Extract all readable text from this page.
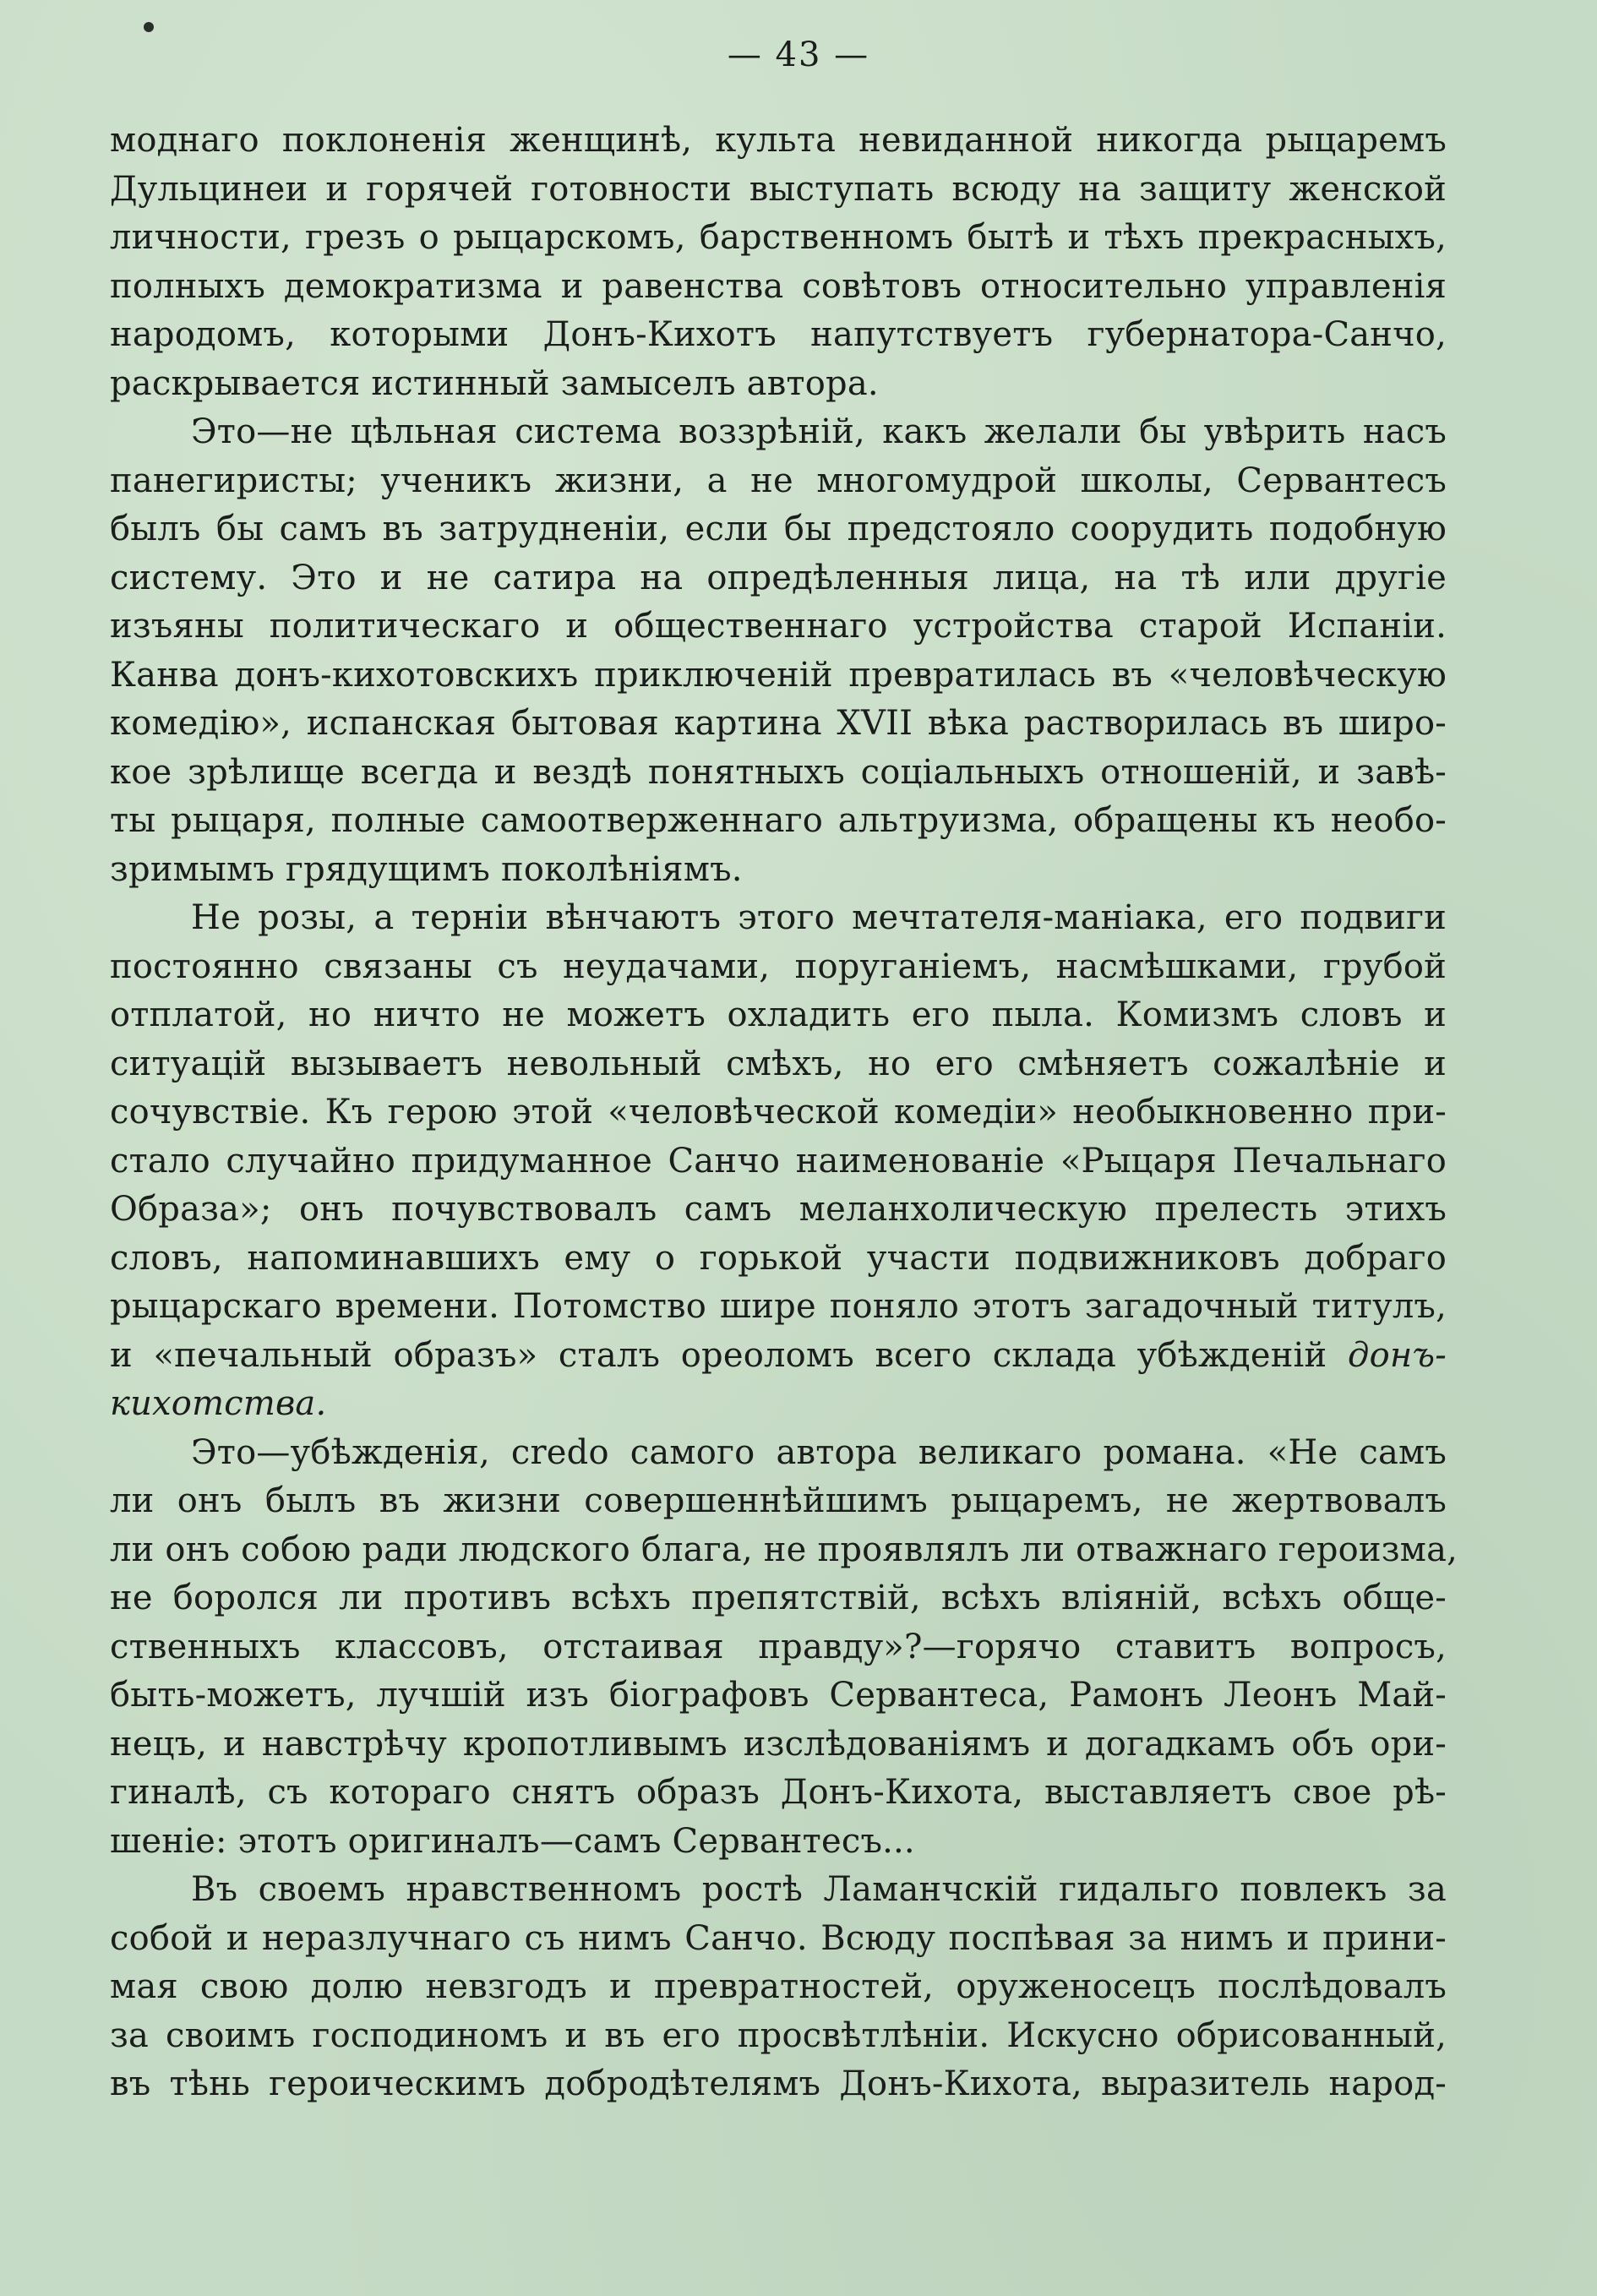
— 43 —
моднаго поклоненія женщинѣ, культа невиданной никогда рыцаремъ
Дульцинеи и горячей готовности выступать всюду на защиту женской
личности, грезъ о рыцарскомъ, барственномъ бытѣ и тѣхъ прекрасныхъ,
полныхъ демократизма и равенства совѣтовъ относительно управленія
народомъ, которыми Донъ-Кихотъ напутствуетъ губернатора-Санчо,
раскрывается истинный замыселъ автора.
Это—не цѣльная система воззрѣній, какъ желали бы увѣрить насъ
панегиристы; ученикъ жизни, а не многомудрой школы, Сервантесъ
былъ бы самъ въ затрудненіи, если бы предстояло соорудить подобную
систему. Это и не сатира на опредѣленныя лица, на тѣ или другіе
изъяны политическаго и общественнаго устройства старой Испаніи.
Канва донъ-кихотовскихъ приключеній превратилась въ «человѣческую
комедію», испанская бытовая картина XVII вѣка растворилась въ широ-
кое зрѣлище всегда и вездѣ понятныхъ соціальныхъ отношеній, и завѣ-
ты рыцаря, полные самоотверженнаго альтруизма, обращены къ необо-
зримымъ грядущимъ поколѣніямъ.
Не розы, а терніи вѣнчаютъ этого мечтателя-маніака, его подвиги
постоянно связаны съ неудачами, поруганіемъ, насмѣшками, грубой
отплатой, но ничто не можетъ охладить его пыла. Комизмъ словъ и
ситуацій вызываетъ невольный смѣхъ, но его смѣняетъ сожалѣніе и
сочувствіе. Къ герою этой «человѣческой комедіи» необыкновенно при-
стало случайно придуманное Санчо наименованіе «Рыцаря Печальнаго
Образа»; онъ почувствовалъ самъ меланхолическую прелесть этихъ
словъ, напоминавшихъ ему о горькой участи подвижниковъ добраго
рыцарскаго времени. Потомство шире поняло этотъ загадочный титулъ,
и «печальный образъ» сталъ ореоломъ всего склада убѣжденій донъ-
кихотства.
Это—убѣжденія, credo самого автора великаго романа. «Не самъ
ли онъ былъ въ жизни совершеннѣйшимъ рыцаремъ, не жертвовалъ
ли онъ собою ради людского блага, не проявлялъ ли отважнаго героизма,
не боролся ли противъ всѣхъ препятствій, всѣхъ вліяній, всѣхъ обще-
ственныхъ классовъ, отстаивая правду»?—горячо ставитъ вопросъ,
быть-можетъ, лучшій изъ біографовъ Сервантеса, Рамонъ Леонъ Май-
нецъ, и навстрѣчу кропотливымъ изслѣдованіямъ и догадкамъ объ ори-
гиналѣ, съ котораго снятъ образъ Донъ-Кихота, выставляетъ свое рѣ-
шеніе: этотъ оригиналъ—самъ Сервантесъ...
Въ своемъ нравственномъ ростѣ Ламанчскій гидальго повлекъ за
собой и неразлучнаго съ нимъ Санчо. Всюду поспѣвая за нимъ и прини-
мая свою долю невзгодъ и превратностей, оруженосецъ послѣдовалъ
за своимъ господиномъ и въ его просвѣтлѣніи. Искусно обрисованный,
въ тѣнь героическимъ добродѣтелямъ Донъ-Кихота, выразитель народ-
